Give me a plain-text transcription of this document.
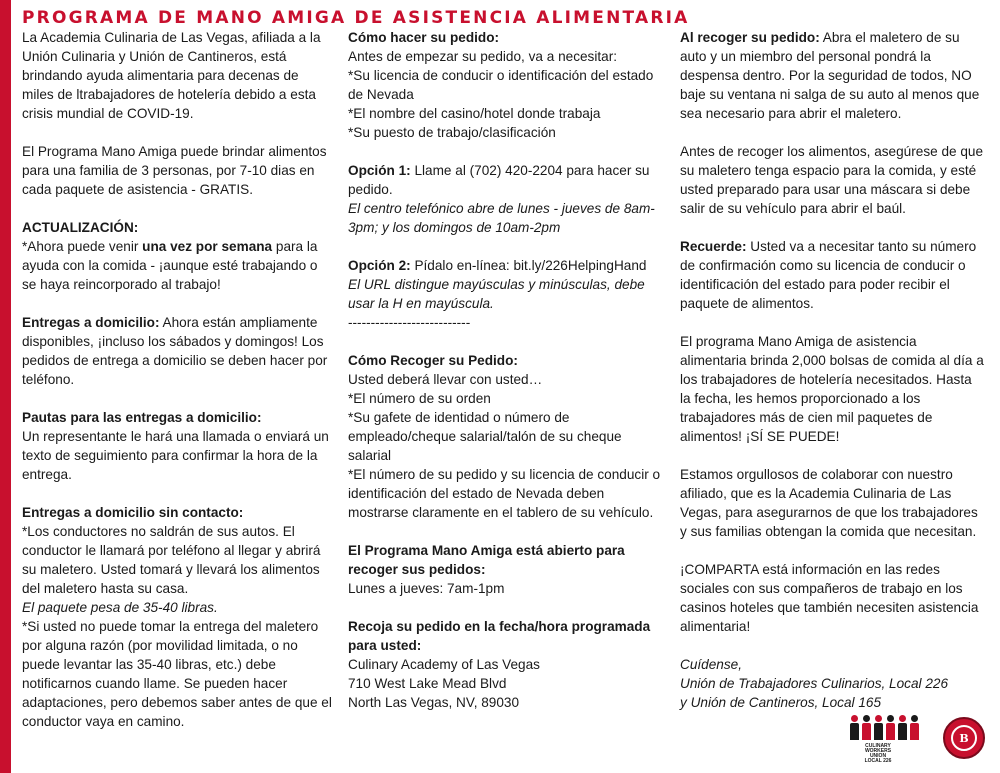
PROGRAMA DE MANO AMIGA DE ASISTENCIA ALIMENTARIA

La Academia Culinaria de Las Vegas, afiliada a la Unión Culinaria y Unión de Cantineros, está brindando ayuda alimentaria para decenas de miles de ltrabajadores de hotelería debido a esta crisis mundial de COVID-19.

El Programa Mano Amiga puede brindar alimentos para una familia de 3 personas, por 7-10 dias en cada paquete de asistencia - GRATIS.

ACTUALIZACIÓN:

*Ahora puede venir una vez por semana para la ayuda con la comida - ¡aunque esté trabajando o se haya reincorporado al trabajo!

Entregas a domicilio: Ahora están ampliamente disponibles, ¡incluso los sábados y domingos! Los pedidos de entrega a domicilio se deben hacer por teléfono.

Pautas para las entregas a domicilio:

Un representante le hará una llamada o enviará un texto de seguimiento para confirmar la hora de la entrega.

Entregas a domicilio sin contacto:

*Los conductores no saldrán de sus autos. El conductor le llamará por teléfono al llegar y abrirá su maletero. Usted tomará y llevará los alimentos del maletero hasta su casa.

El paquete pesa de 35-40 libras.

*Si usted no puede tomar la entrega del maletero por alguna razón (por movilidad limitada, o no puede levantar las 35-40 libras, etc.) debe notificarnos cuando llame. Se pueden hacer adaptaciones, pero debemos saber antes de que el conductor vaya en camino.

Cómo hacer su pedido:

Antes de empezar su pedido, va a necesitar:

*Su licencia de conducir o identificación del estado de Nevada

*El nombre del casino/hotel donde trabaja

*Su puesto de trabajo/clasificación

Opción 1: Llame al (702) 420-2204 para hacer su pedido.

El centro telefónico abre de lunes - jueves de 8am-3pm; y los domingos de 10am-2pm

Opción 2: Pídalo en-línea: bit.ly/226HelpingHand

El URL distingue mayúsculas y minúsculas, debe usar la H en mayúscula.

---------------------------

Cómo Recoger su Pedido:

Usted deberá llevar con usted…

*El número de su orden

*Su gafete de identidad o número de empleado/cheque salarial/talón de su cheque salarial

*El número de su pedido y su licencia de conducir o identificación del estado de Nevada deben mostrarse claramente en el tablero de su vehículo.

El Programa Mano Amiga está abierto para recoger sus pedidos:

Lunes a jueves: 7am-1pm

Recoja su pedido en la fecha/hora programada para usted:

Culinary Academy of Las Vegas

710 West Lake Mead Blvd

North Las Vegas, NV, 89030

Al recoger su pedido: Abra el maletero de su auto y un miembro del personal pondrá la despensa dentro. Por la seguridad de todos, NO baje su ventana ni salga de su auto al menos que sea necesario para abrir el maletero.

Antes de recoger los alimentos, asegúrese de que su maletero tenga espacio para la comida, y esté usted preparado para usar una máscara si debe salir de su vehículo para abrir el baúl.

Recuerde: Usted va a necesitar tanto su número de confirmación como su licencia de conducir o identificación del estado para poder recibir el paquete de alimentos.

El programa Mano Amiga de asistencia alimentaria brinda 2,000 bolsas de comida al día a los trabajadores de hotelería necesitados. Hasta la fecha, les hemos proporcionado a los trabajadores más de cien mil paquetes de alimentos! ¡SÍ SE PUEDE!

Estamos orgullosos de colaborar con nuestro afiliado, que es la Academia Culinaria de Las Vegas, para asegurarnos de que los trabajadores y sus familias obtengan la comida que necesitan.

¡COMPARTA está información en las redes sociales con sus compañeros de trabajo en los casinos hoteles que también necesiten asistencia alimentaria!

Cuídense,

Unión de Trabajadores Culinarios, Local 226

y Unión de Cantineros, Local 165

CULINARY
WORKERS UNION
LOCAL 226
B
